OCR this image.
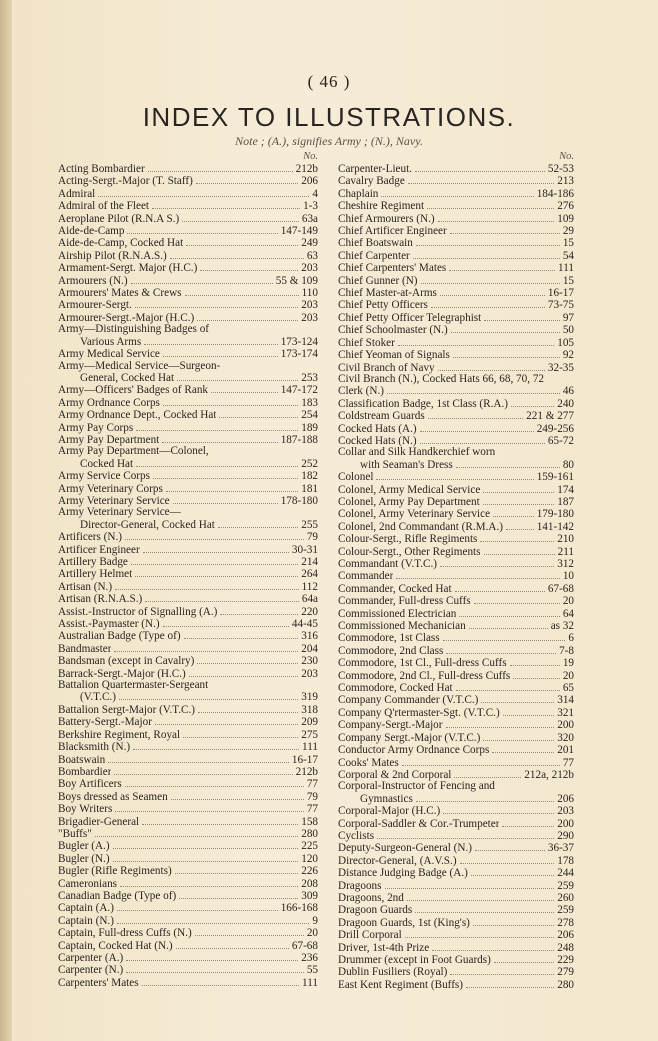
( 46 )
INDEX TO ILLUSTRATIONS.
Note ; (A.), signifies Army ; (N.), Navy.
No.
Acting Bombardier	212b
Acting-Sergt.-Major (T. Staff)	206
Admiral	4
Admiral of the Fleet	1-3
Aeroplane Pilot (R.N.A S.)	63a
Aide-de-Camp	147-149
Aide-de-Camp, Cocked Hat	249
Airship Pilot (R.N.A.S.)	63
Armament-Sergt. Major (H.C.)	203
Armourers (N.)	55 & 109
Armourers' Mates & Crews	110
Armourer-Sergt.	203
Armourer-Sergt.-Major (H.C.)	203
Army—Distinguishing Badges of
Various Arms	173-124
Army Medical Service	173-174
Army—Medical Service—Surgeon-
General, Cocked Hat	253
Army—Officers' Badges of Rank	147-172
Army Ordnance Corps	183
Army Ordnance Dept., Cocked Hat	254
Army Pay Corps	189
Army Pay Department	187-188
Army Pay Department—Colonel,
Cocked Hat	252
Army Service Corps	182
Army Veterinary Corps	181
Army Veterinary Service	178-180
Army Veterinary Service—
Director-General, Cocked Hat	255
Artificers (N.)	79
Artificer Engineer	30-31
Artillery Badge	214
Artillery Helmet	264
Artisan (N.)	112
Artisan (R.N.A.S.)	64a
Assist.-Instructor of Signalling (A.)	220
Assist.-Paymaster (N.)	44-45
Australian Badge (Type of)	316
Bandmaster	204
Bandsman (except in Cavalry)	230
Barrack-Sergt.-Major (H.C.)	203
Battalion Quartermaster-Sergeant
(V.T.C.)	319
Battalion Sergt-Major (V.T.C.)	318
Battery-Sergt.-Major	209
Berkshire Regiment, Royal	275
Blacksmith (N.)	111
Boatswain	16-17
Bombardier	212b
Boy Artificers	77
Boys dressed as Seamen	79
Boy Writers	77
Brigadier-General	158
"Buffs"	280
Bugler (A.)	225
Bugler (N.)	120
Bugler (Rifle Regiments)	226
Cameronians	208
Canadian Badge (Type of)	309
Captain (A.)	166-168
Captain (N.)	9
Captain, Full-dress Cuffs (N.)	20
Captain, Cocked Hat (N.)	67-68
Carpenter (A.)	236
Carpenter (N.)	55
Carpenters' Mates	111
No.
Carpenter-Lieut.	52-53
Cavalry Badge	213
Chaplain	184-186
Cheshire Regiment	276
Chief Armourers (N.)	109
Chief Artificer Engineer	29
Chief Boatswain	15
Chief Carpenter	54
Chief Carpenters' Mates	111
Chief Gunner (N)	15
Chief Master-at-Arms	16-17
Chief Petty Officers	73-75
Chief Petty Officer Telegraphist	97
Chief Schoolmaster (N.)	50
Chief Stoker	105
Chief Yeoman of Signals	92
Civil Branch of Navy	32-35
Civil Branch (N.), Cocked Hats 66, 68, 70, 72
Clerk (N.)	46
Classification Badge, 1st Class (R.A.)	240
Coldstream Guards	221 & 277
Cocked Hats (A.)	249-256
Cocked Hats (N.)	65-72
Collar and Silk Handkerchief worn
with Seaman's Dress	80
Colonel	159-161
Colonel, Army Medical Service	174
Colonel, Army Pay Department	187
Colonel, Army Veterinary Service	179-180
Colonel, 2nd Commandant (R.M.A.)	141-142
Colour-Sergt., Rifle Regiments	210
Colour-Sergt., Other Regiments	211
Commandant (V.T.C.)	312
Commander	10
Commander, Cocked Hat	67-68
Commander, Full-dress Cuffs	20
Commissioned Electrician	64
Commissioned Mechanician	as 32
Commodore, 1st Class	6
Commodore, 2nd Class	7-8
Commodore, 1st Cl., Full-dress Cuffs	19
Commodore, 2nd Cl., Full-dress Cuffs	20
Commodore, Cocked Hat	65
Company Commander (V.T.C.)	314
Company Q'rtermaster-Sgt. (V.T.C.)	321
Company-Sergt.-Major	200
Company Sergt.-Major (V.T.C.)	320
Conductor Army Ordnance Corps	201
Cooks' Mates	77
Corporal & 2nd Corporal	212a, 212b
Corporal-Instructor of Fencing and
Gymnastics	206
Corporal-Major (H.C.)	203
Corporal-Saddler & Cor.-Trumpeter	200
Cyclists	290
Deputy-Surgeon-General (N.)	36-37
Director-General, (A.V.S.)	178
Distance Judging Badge (A.)	244
Dragoons	259
Dragoons, 2nd	260
Dragoon Guards	259
Dragoon Guards, 1st (King's)	278
Drill Corporal	206
Driver, 1st-4th Prize	248
Drummer (except in Foot Guards)	229
Dublin Fusiliers (Royal)	279
East Kent Regiment (Buffs)	280
